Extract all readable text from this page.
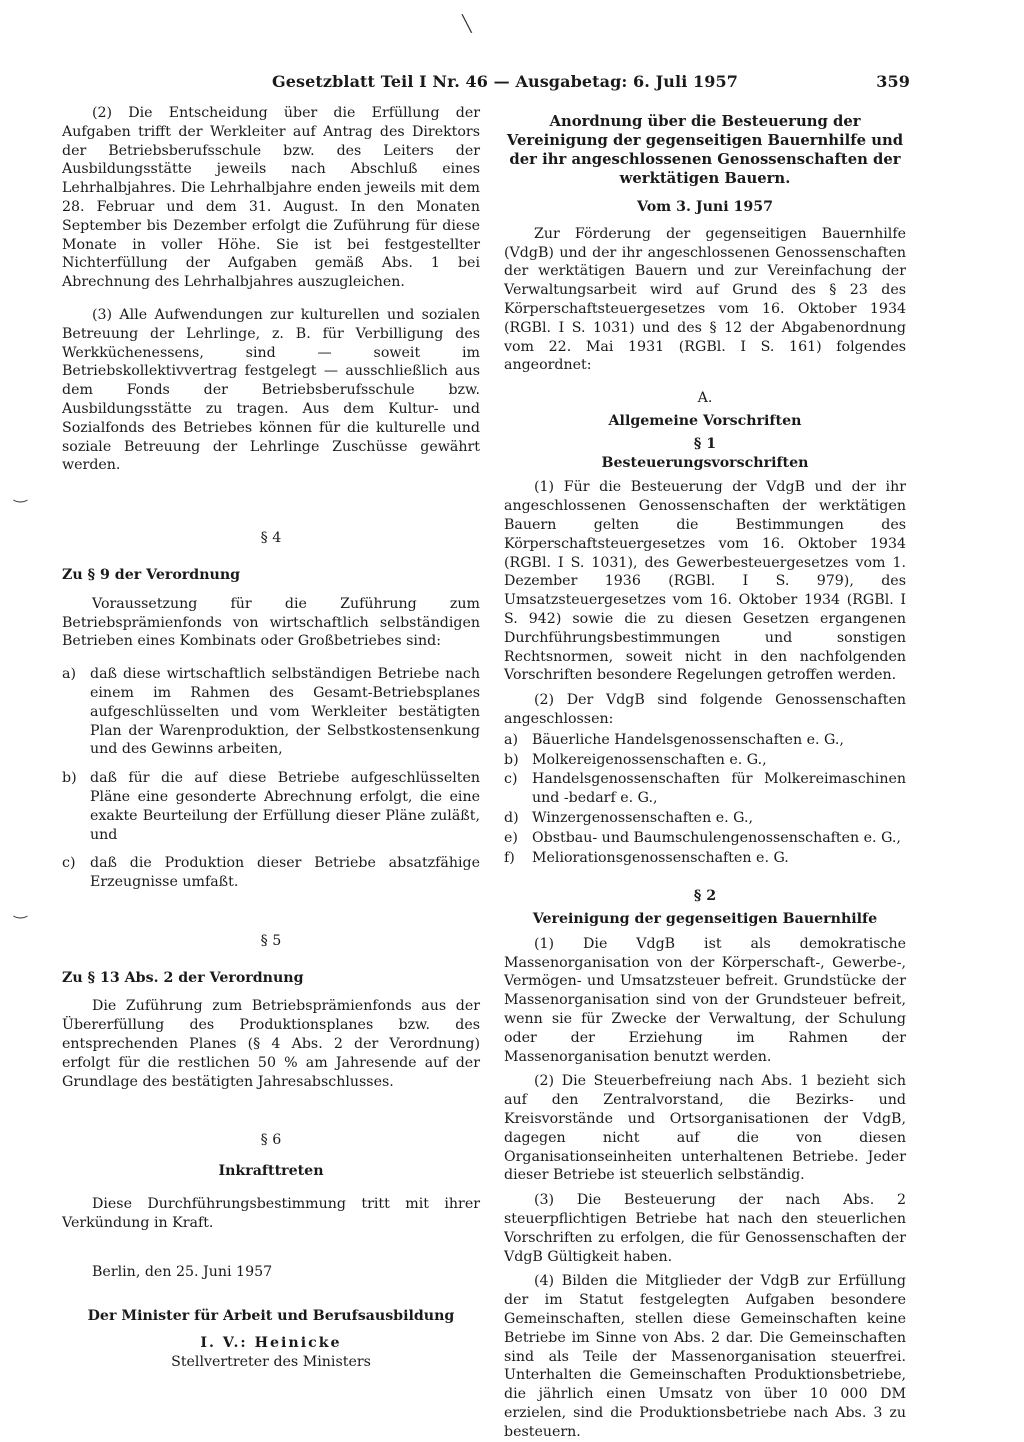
Gesetzblatt Teil I Nr. 46 — Ausgabetag: 6. Juli 1957	359
╲
‿
‿

(2) Die Entscheidung über die Erfüllung der Aufgaben trifft der Werkleiter auf Antrag des Direktors der Betriebsberufsschule bzw. des Leiters der Ausbildungsstätte jeweils nach Abschluß eines Lehrhalbjahres. Die Lehrhalbjahre enden jeweils mit dem 28. Februar und dem 31. August. In den Monaten September bis Dezember erfolgt die Zuführung für diese Monate in voller Höhe. Sie ist bei festgestellter Nichterfüllung der Aufgaben gemäß Abs. 1 bei Abrechnung des Lehrhalbjahres auszugleichen.

(3) Alle Aufwendungen zur kulturellen und sozialen Betreuung der Lehrlinge, z. B. für Verbilligung des Werkküchenessens, sind — soweit im Betriebskollektivvertrag festgelegt — ausschließlich aus dem Fonds der Betriebsberufsschule bzw. Ausbildungsstätte zu tragen. Aus dem Kultur- und Sozialfonds des Betriebes können für die kulturelle und soziale Betreuung der Lehrlinge Zuschüsse gewährt werden.

§ 4
Zu § 9 der Verordnung

Voraussetzung für die Zuführung zum Betriebsprämienfonds von wirtschaftlich selbständigen Betrieben eines Kombinats oder Großbetriebes sind:

a) daß diese wirtschaftlich selbständigen Betriebe nach einem im Rahmen des Gesamt-Betriebsplanes aufgeschlüsselten und vom Werkleiter bestätigten Plan der Warenproduktion, der Selbstkostensenkung und des Gewinns arbeiten,
b) daß für die auf diese Betriebe aufgeschlüsselten Pläne eine gesonderte Abrechnung erfolgt, die eine exakte Beurteilung der Erfüllung dieser Pläne zuläßt, und
c)	daß die Produktion dieser Betriebe absatzfähige Erzeugnisse umfaßt.
§ 5
Zu § 13 Abs. 2 der Verordnung

Die Zuführung zum Betriebsprämienfonds aus der Übererfüllung des Produktionsplanes bzw. des entsprechenden Planes (§ 4 Abs. 2 der Verordnung) erfolgt für die restlichen 50 % am Jahresende auf der Grundlage des bestätigten Jahresabschlusses.

§ 6
Inkrafttreten

Diese Durchführungsbestimmung tritt mit ihrer Verkündung in Kraft.

Berlin, den 25. Juni 1957

Der Minister für Arbeit und Berufsausbildung
I. V.: Heinicke
Stellvertreter des Ministers
Anordnung über die Besteuerung der Vereinigung der gegenseitigen Bauernhilfe und der ihr angeschlossenen Genossenschaften der werktätigen Bauern.
Vom 3. Juni 1957

Zur Förderung der gegenseitigen Bauernhilfe (VdgB) und der ihr angeschlossenen Genossenschaften der werktätigen Bauern und zur Vereinfachung der Verwaltungsarbeit wird auf Grund des § 23 des Körperschaftsteuergesetzes vom 16. Oktober 1934 (RGBl. I S. 1031) und des § 12 der Abgabenordnung vom 22. Mai 1931 (RGBl. I S. 161) folgendes angeordnet:

A.
Allgemeine Vorschriften
§ 1
Besteuerungsvorschriften

(1) Für die Besteuerung der VdgB und der ihr angeschlossenen Genossenschaften der werktätigen Bauern gelten die Bestimmungen des Körperschaftsteuergesetzes vom 16. Oktober 1934 (RGBl. I S. 1031), des Gewerbesteuergesetzes vom 1. Dezember 1936 (RGBl. I S. 979), des Umsatzsteuergesetzes vom 16. Oktober 1934 (RGBl. I S. 942) sowie die zu diesen Gesetzen ergangenen Durchführungsbestimmungen und sonstigen Rechtsnormen, soweit nicht in den nachfolgenden Vorschriften besondere Regelungen getroffen werden.

(2) Der VdgB sind folgende Genossenschaften angeschlossen:

a) Bäuerliche Handelsgenossenschaften e. G.,
b) Molkereigenossenschaften e. G.,
c)	Handelsgenossenschaften für Molkereimaschinen und -bedarf e. G.,
d) Winzergenossenschaften e. G.,
e) Obstbau- und Baumschulengenossenschaften e. G.,
f)	Meliorationsgenossenschaften e. G.
§ 2
Vereinigung der gegenseitigen Bauernhilfe

(1) Die VdgB ist als demokratische Massenorganisation von der Körperschaft-, Gewerbe-, Vermögen- und Umsatzsteuer befreit. Grundstücke der Massenorganisation sind von der Grundsteuer befreit, wenn sie für Zwecke der Verwaltung, der Schulung oder der Erziehung im Rahmen der Massenorganisation benutzt werden.

(2) Die Steuerbefreiung nach Abs. 1 bezieht sich auf den Zentralvorstand, die Bezirks- und Kreisvorstände und Ortsorganisationen der VdgB, dagegen nicht auf die von diesen Organisationseinheiten unterhaltenen Betriebe. Jeder dieser Betriebe ist steuerlich selbständig.

(3) Die Besteuerung der nach Abs. 2 steuerpflichtigen Betriebe hat nach den steuerlichen Vorschriften zu erfolgen, die für Genossenschaften der VdgB Gültigkeit haben.

(4) Bilden die Mitglieder der VdgB zur Erfüllung der im Statut festgelegten Aufgaben besondere Gemeinschaften, stellen diese Gemeinschaften keine Betriebe im Sinne von Abs. 2 dar. Die Gemeinschaften sind als Teile der Massenorganisation steuerfrei. Unterhalten die Gemeinschaften Produktionsbetriebe, die jährlich einen Umsatz von über 10 000 DM erzielen, sind die Produktionsbetriebe nach Abs. 3 zu besteuern.
